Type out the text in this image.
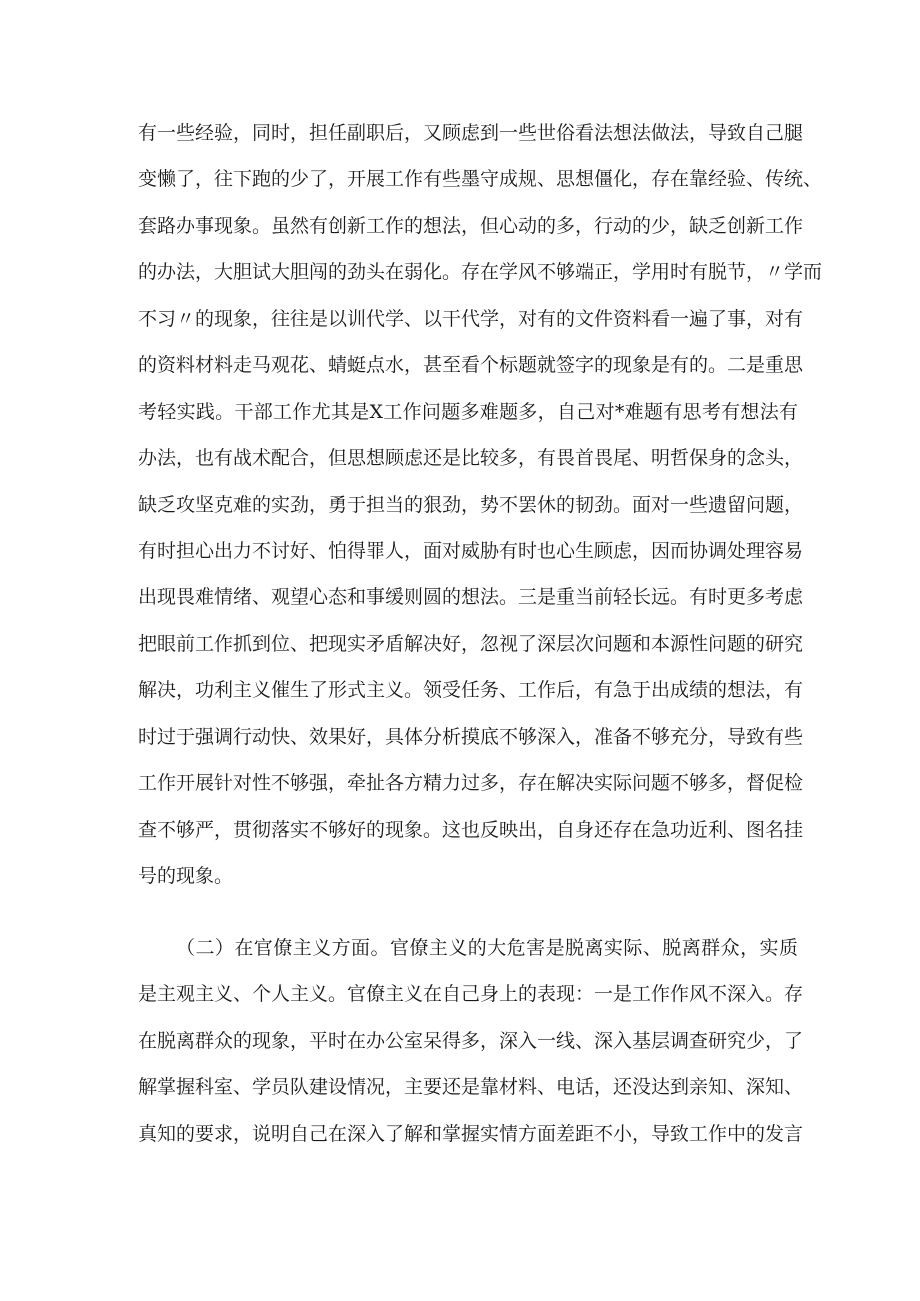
有一些经验，同时，担任副职后，又顾虑到一些世俗看法想法做法，导致自己腿
变懒了，往下跑的少了，开展工作有些墨守成规、思想僵化，存在靠经验、传统、
套路办事现象。虽然有创新工作的想法，但心动的多，行动的少，缺乏创新工作
的办法，大胆试大胆闯的劲头在弱化。存在学风不够端正，学用时有脱节，〃学而
不习〃的现象，往往是以训代学、以干代学，对有的文件资料看一遍了事，对有
的资料材料走马观花、蜻蜓点水，甚至看个标题就签字的现象是有的。二是重思
考轻实践。干部工作尤其是X工作问题多难题多，自己对*难题有思考有想法有
办法，也有战术配合，但思想顾虑还是比较多，有畏首畏尾、明哲保身的念头，
缺乏攻坚克难的实劲，勇于担当的狠劲，势不罢休的韧劲。面对一些遗留问题，
有时担心出力不讨好、怕得罪人，面对威胁有时也心生顾虑，因而协调处理容易
出现畏难情绪、观望心态和事缓则圆的想法。三是重当前轻长远。有时更多考虑
把眼前工作抓到位、把现实矛盾解决好，忽视了深层次问题和本源性问题的研究
解决，功利主义催生了形式主义。领受任务、工作后，有急于出成绩的想法，有
时过于强调行动快、效果好，具体分析摸底不够深入，准备不够充分，导致有些
工作开展针对性不够强，牵扯各方精力过多，存在解决实际问题不够多，督促检
查不够严，贯彻落实不够好的现象。这也反映出，自身还存在急功近利、图名挂
号的现象。
（二）在官僚主义方面。官僚主义的大危害是脱离实际、脱离群众，实质
是主观主义、个人主义。官僚主义在自己身上的表现：一是工作作风不深入。存
在脱离群众的现象，平时在办公室呆得多，深入一线、深入基层调查研究少，了
解掌握科室、学员队建设情况，主要还是靠材料、电话，还没达到亲知、深知、
真知的要求，说明自己在深入了解和掌握实情方面差距不小，导致工作中的发言
